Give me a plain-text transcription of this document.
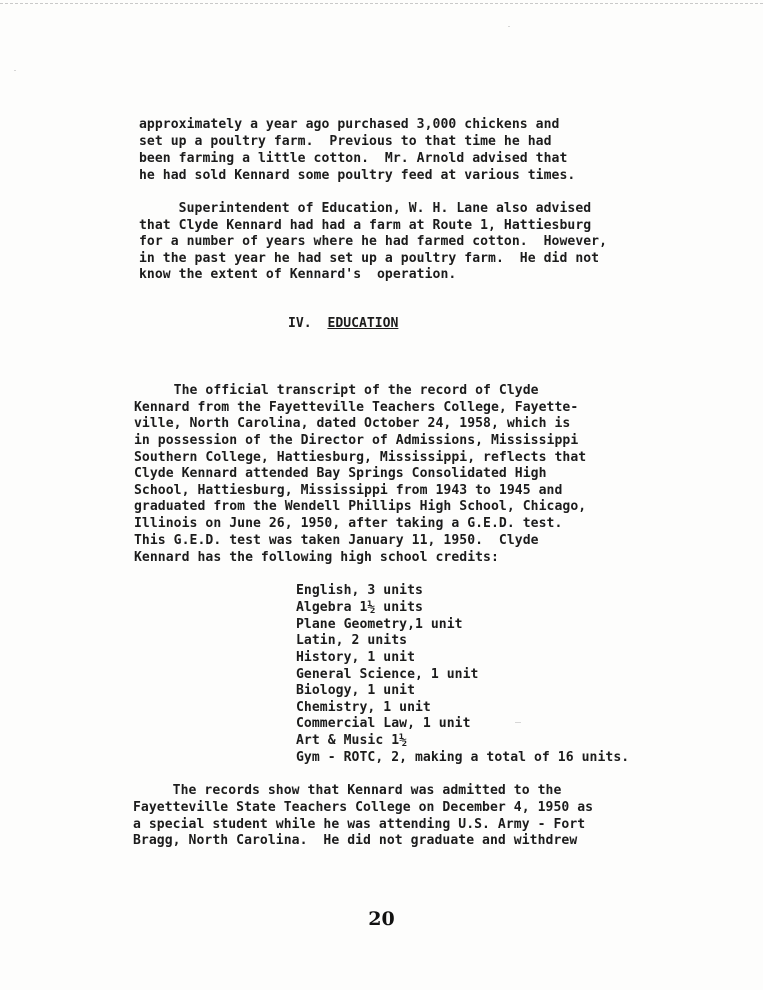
approximately a year ago purchased 3,000 chickens and
set up a poultry farm.  Previous to that time he had
been farming a little cotton.  Mr. Arnold advised that
he had sold Kennard some poultry feed at various times.
Superintendent of Education, W. H. Lane also advised
that Clyde Kennard had had a farm at Route 1, Hattiesburg
for a number of years where he had farmed cotton.  However,
in the past year he had set up a poultry farm.  He did not
know the extent of Kennard's  operation.
IV. EDUCATION
The official transcript of the record of Clyde
Kennard from the Fayetteville Teachers College, Fayette-
ville, North Carolina, dated October 24, 1958, which is
in possession of the Director of Admissions, Mississippi
Southern College, Hattiesburg, Mississippi, reflects that
Clyde Kennard attended Bay Springs Consolidated High
School, Hattiesburg, Mississippi from 1943 to 1945 and
graduated from the Wendell Phillips High School, Chicago,
Illinois on June 26, 1950, after taking a G.E.D. test.
This G.E.D. test was taken January 11, 1950.  Clyde
Kennard has the following high school credits:
English, 3 units
Algebra 1½ units
Plane Geometry,1 unit
Latin, 2 units
History, 1 unit
General Science, 1 unit
Biology, 1 unit
Chemistry, 1 unit
Commercial Law, 1 unit
Art & Music 1½
Gym - ROTC, 2, making a total of 16 units.
The records show that Kennard was admitted to the
Fayetteville State Teachers College on December 4, 1950 as
a special student while he was attending U.S. Army - Fort
Bragg, North Carolina.  He did not graduate and withdrew
20
